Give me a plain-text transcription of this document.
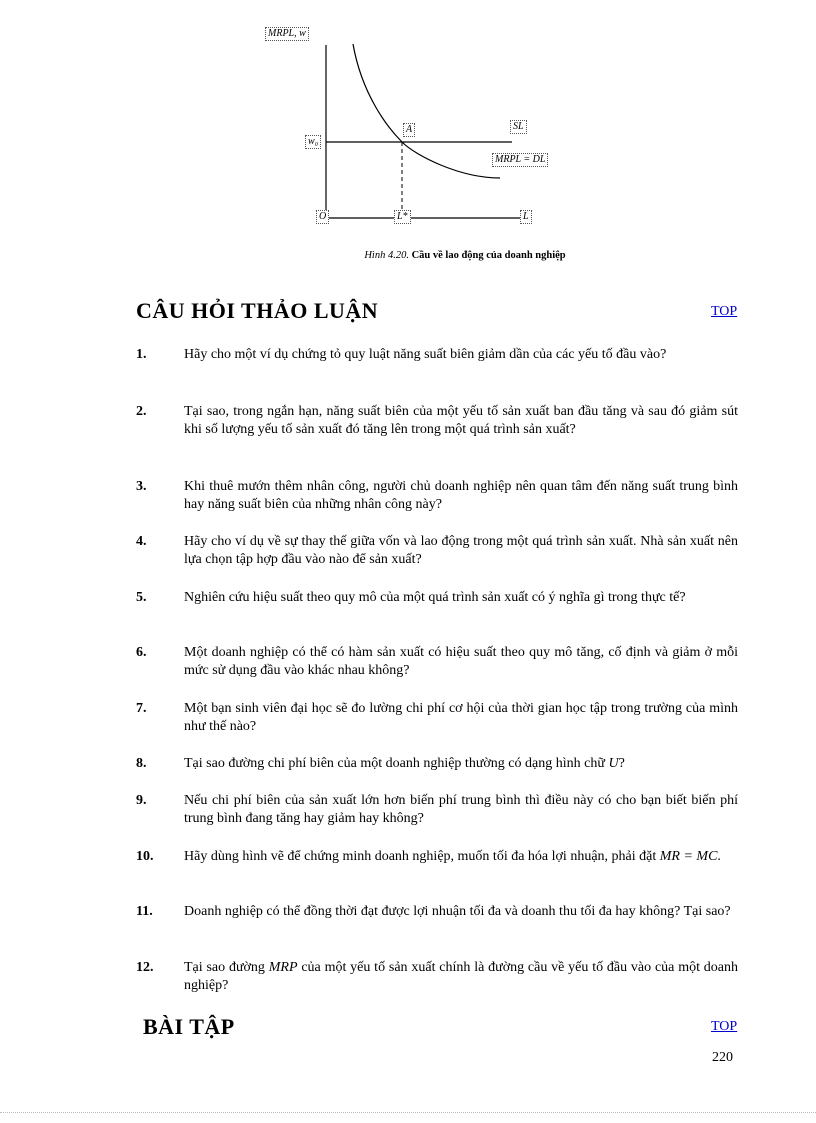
MRPL, w
w₀
A	SL
MRPL = DL
O	L*	L
Hình 4.20. Cầu về lao động của doanh nghiệp
CÂU HỎI THẢO LUẬN	TOP
1.	Hãy cho một ví dụ chứng tỏ quy luật năng suất biên giảm dần của các yếu tố đầu vào?
2.	Tại sao, trong ngắn hạn, năng suất biên của một yếu tố sản xuất ban đầu tăng và sau đó giảm sút khi số lượng yếu tố sản xuất đó tăng lên trong một quá trình sản xuất?
3.	Khi thuê mướn thêm nhân công, người chủ doanh nghiệp nên quan tâm đến năng suất trung bình hay năng suất biên của những nhân công này?
4.	Hãy cho ví dụ về sự thay thế giữa vốn và lao động trong một quá trình sản xuất. Nhà sản xuất nên lựa chọn tập hợp đầu vào nào để sản xuất?
5.	Nghiên cứu hiệu suất theo quy mô của một quá trình sản xuất có ý nghĩa gì trong thực tế?
6.	Một doanh nghiệp có thể có hàm sản xuất có hiệu suất theo quy mô tăng, cố định và giảm ở mỗi mức sử dụng đầu vào khác nhau không?
7.	Một bạn sinh viên đại học sẽ đo lường chi phí cơ hội của thời gian học tập trong trường của mình như thế nào?
8.	Tại sao đường chi phí biên của một doanh nghiệp thường có dạng hình chữ U?
9.	Nếu chi phí biên của sản xuất lớn hơn biến phí trung bình thì điều này có cho bạn biết biến phí trung bình đang tăng hay giảm hay không?
10. Hãy dùng hình vẽ để chứng minh doanh nghiệp, muốn tối đa hóa lợi nhuận, phải đặt MR = MC.
11. Doanh nghiệp có thể đồng thời đạt được lợi nhuận tối đa và doanh thu tối đa hay không? Tại sao?
12. Tại sao đường MRP của một yếu tố sản xuất chính là đường cầu về yếu tố đầu vào của một doanh nghiệp?
BÀI TẬP	TOP
220
